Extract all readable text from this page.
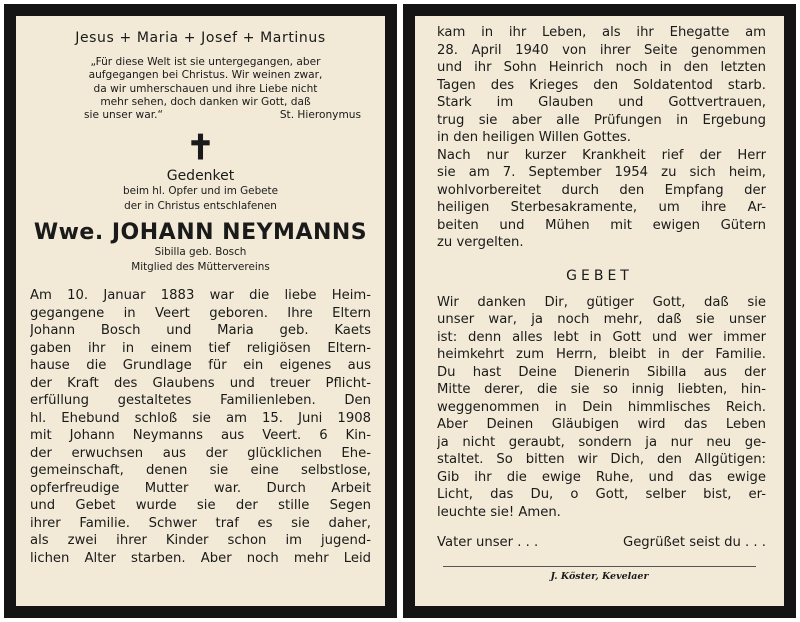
Jesus + Maria + Josef + Martinus
„Für diese Welt ist sie untergegangen, aber
aufgegangen bei Christus. Wir weinen zwar,
da wir umherschauen und ihre Liebe nicht
mehr sehen, doch danken wir Gott, daß
sie unser war.“	St. Hieronymus
✝
Gedenket
beim hl. Opfer und im Gebete
der in Christus entschlafenen
Wwe. JOHANN NEYMANNS
Sibilla geb. Bosch
Mitglied des Müttervereins
Am 10. Januar 1883 war die liebe Heim-
gegangene in Veert geboren. Ihre Eltern
Johann Bosch und Maria geb. Kaets
gaben ihr in einem tief religiösen Eltern-
hause die Grundlage für ein eigenes aus
der Kraft des Glaubens und treuer Pflicht-
erfüllung gestaltetes Familienleben. Den
hl. Ehebund schloß sie am 15. Juni 1908
mit Johann Neymanns aus Veert. 6 Kin-
der erwuchsen aus der glücklichen Ehe-
gemeinschaft, denen sie eine selbstlose,
opferfreudige Mutter war. Durch Arbeit
und Gebet wurde sie der stille Segen
ihrer Familie. Schwer traf es sie daher,
als zwei ihrer Kinder schon im jugend-
lichen Alter starben. Aber noch mehr Leid
kam in ihr Leben, als ihr Ehegatte am
28. April 1940 von ihrer Seite genommen
und ihr Sohn Heinrich noch in den letzten
Tagen des Krieges den Soldatentod starb.
Stark im Glauben und Gottvertrauen,
trug sie aber alle Prüfungen in Ergebung
in den heiligen Willen Gottes.
Nach nur kurzer Krankheit rief der Herr
sie am 7. September 1954 zu sich heim,
wohlvorbereitet durch den Empfang der
heiligen Sterbesakramente, um ihre Ar-
beiten und Mühen mit ewigen Gütern
zu vergelten.
GEBET
Wir danken Dir, gütiger Gott, daß sie
unser war, ja noch mehr, daß sie unser
ist: denn alles lebt in Gott und wer immer
heimkehrt zum Herrn, bleibt in der Familie.
Du hast Deine Dienerin Sibilla aus der
Mitte derer, die sie so innig liebten, hin-
weggenommen in Dein himmlisches Reich.
Aber Deinen Gläubigen wird das Leben
ja nicht geraubt, sondern ja nur neu ge-
staltet. So bitten wir Dich, den Allgütigen:
Gib ihr die ewige Ruhe, und das ewige
Licht, das Du, o Gott, selber bist, er-
leuchte sie! Amen.
Vater unser . . .	Gegrüßet seist du . . .
J. Köster, Kevelaer
